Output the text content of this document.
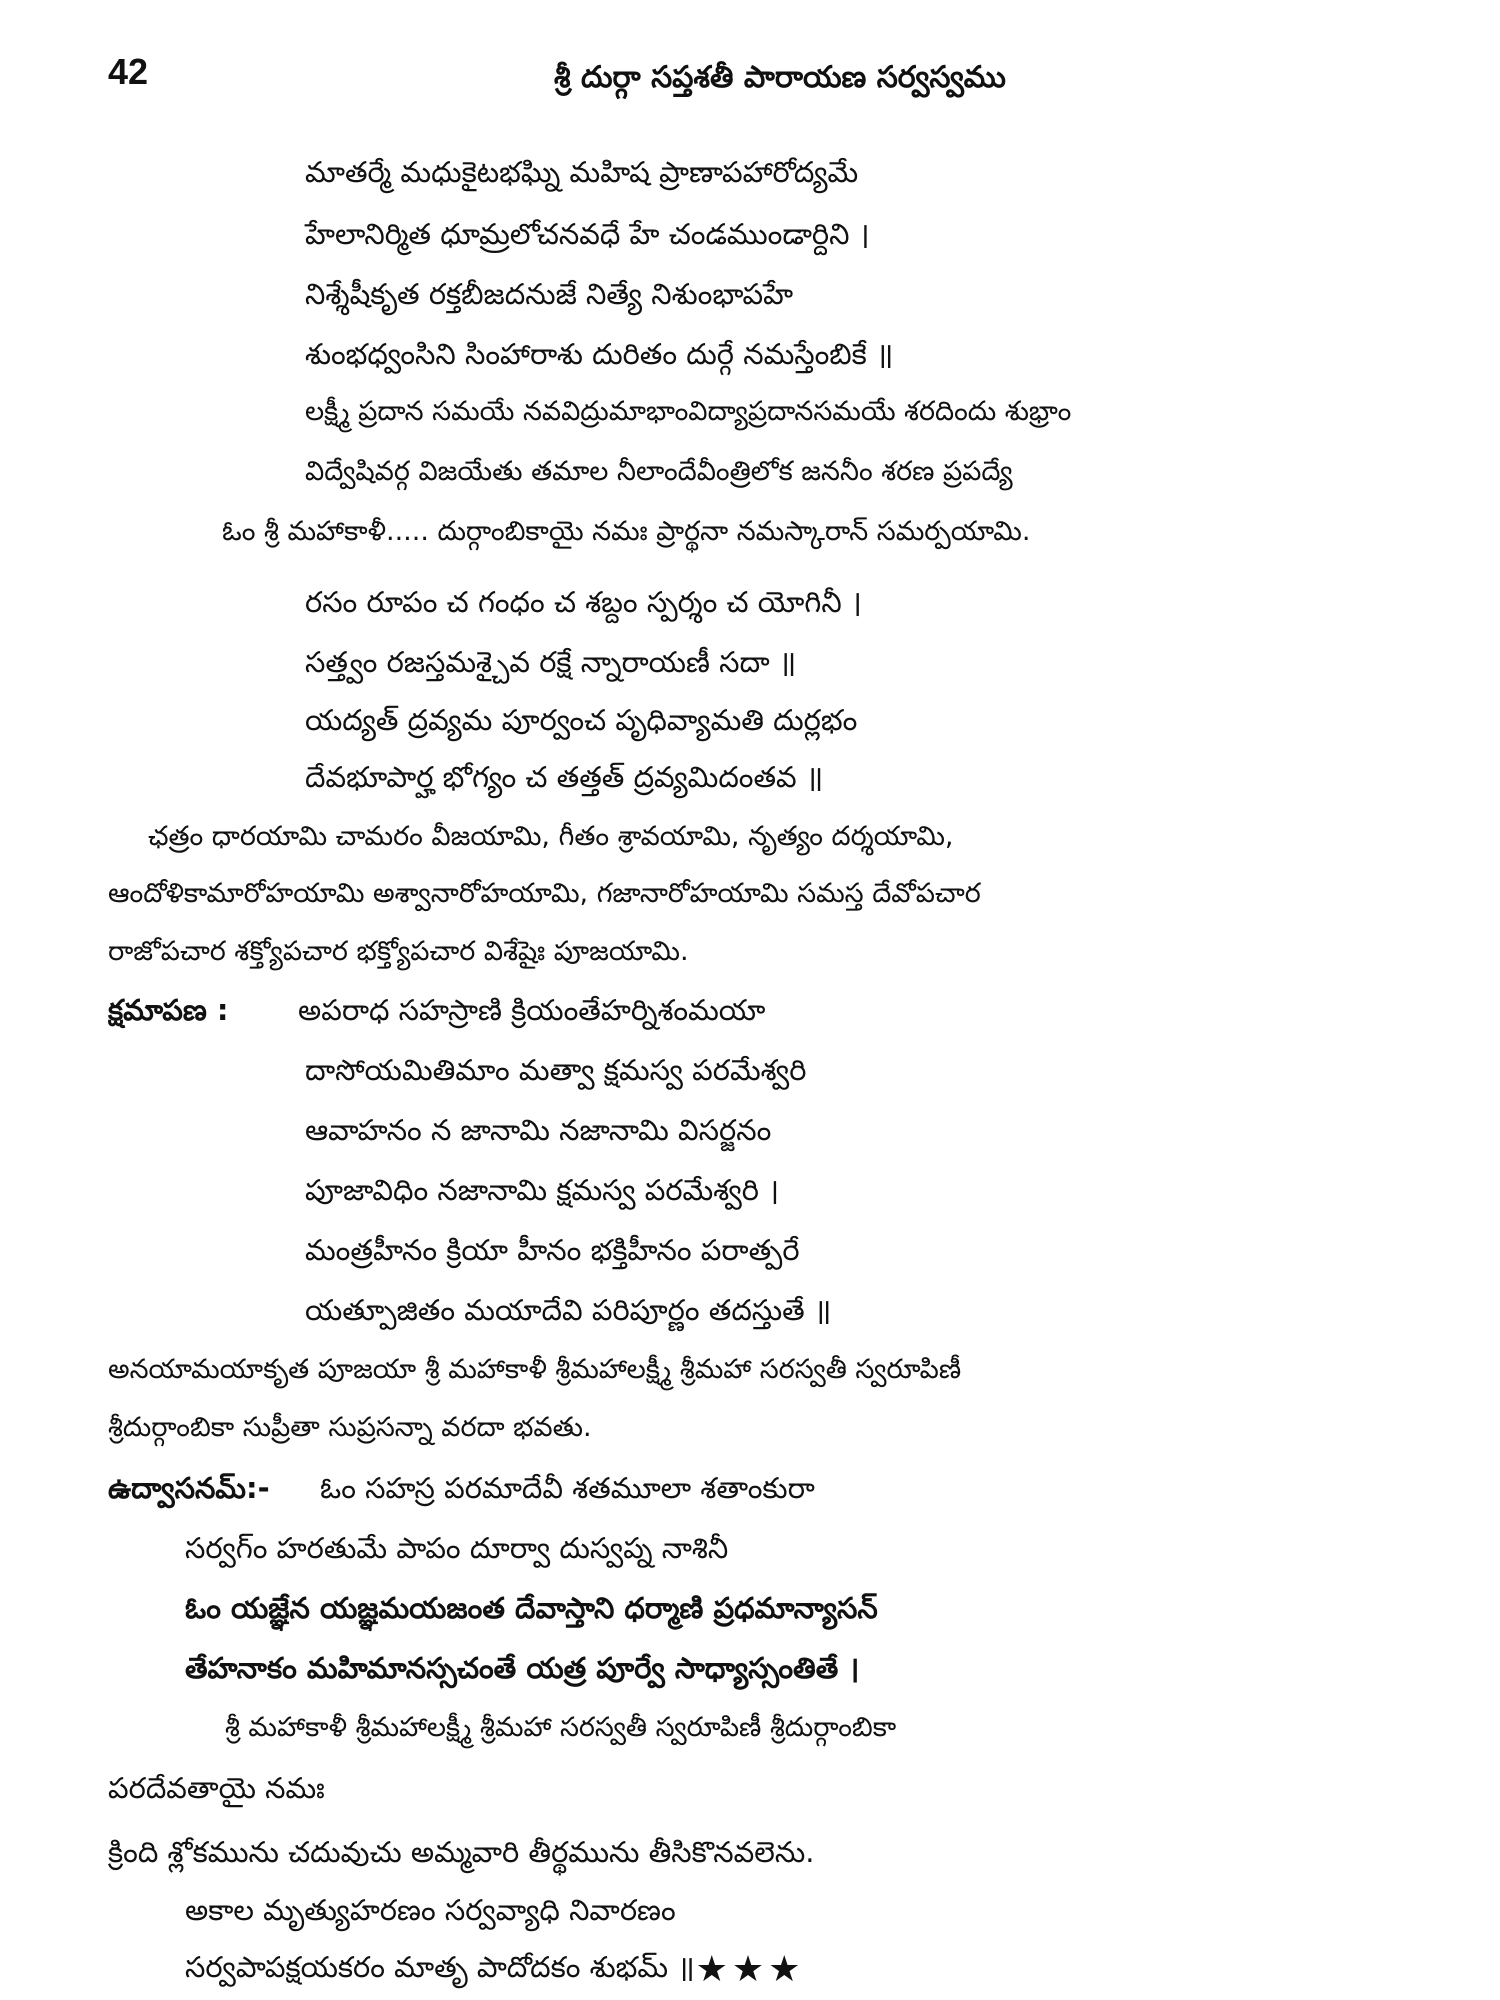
42	శ్రీ దుర్గా సప్తశతీ పారాయణ సర్వస్వము
మాతర్మే మధుకైటభఘ్ని మహిష ప్రాణాపహారోద్యమే
హేలానిర్మిత ధూమ్రలోచనవధే హే చండముండార్దిని ।
నిశ్శేషీకృత రక్తబీజదనుజే నిత్యే నిశుంభాపహే
శుంభధ్వంసిని సింహారాశు దురితం దుర్గే నమస్తేంబికే ॥
లక్ష్మీ ప్రదాన సమయే నవవిద్రుమాభాంవిద్యాప్రదానసమయే శరదిందు శుభ్రాం
విద్వేషివర్గ విజయేతు తమాల నీలాందేవీంత్రిలోక జననీం శరణ ప్రపద్యే
ఓం శ్రీ మహాకాళీ..... దుర్గాంబికాయై నమః ప్రార్థనా నమస్కారాన్ సమర్పయామి.
రసం రూపం చ గంధం చ శబ్దం స్పర్శం చ యోగినీ ।
సత్త్వం రజస్తమశ్చైవ రక్షే న్నారాయణీ సదా ॥
యద్యత్ ద్రవ్యమ పూర్వంచ పృధివ్యామతి దుర్లభం
దేవభూపార్హ భోగ్యం చ తత్తత్ ద్రవ్యమిదంతవ ॥
ఛత్రం ధారయామి చామరం వీజయామి, గీతం శ్రావయామి, నృత్యం దర్శయామి,
ఆందోళికామారోహయామి అశ్వానారోహయామి, గజానారోహయామి సమస్త దేవోపచార
రాజోపచార శక్త్యోపచార భక్త్యోపచార విశేషైః పూజయామి.
క్షమాపణ : అపరాధ సహస్రాణి క్రియంతేహర్నిశంమయా
దాసోయమితిమాం మత్వా క్షమస్వ పరమేశ్వరి
ఆవాహనం న జానామి నజానామి విసర్జనం
పూజావిధిం నజానామి క్షమస్వ పరమేశ్వరి ।
మంత్రహీనం క్రియా హీనం భక్తిహీనం పరాత్పరే
యత్పూజితం మయాదేవి పరిపూర్ణం తదస్తుతే ॥
అనయామయాకృత పూజయా శ్రీ మహాకాళీ శ్రీమహాలక్ష్మీ శ్రీమహా సరస్వతీ స్వరూపిణీ
శ్రీదుర్గాంబికా సుప్రీతా సుప్రసన్నా వరదా భవతు.
ఉద్వాసనమ్:- ఓం సహస్ర పరమాదేవీ శతమూలా శతాంకురా
సర్వగ్ం హరతుమే పాపం దూర్వా దుస్వప్న నాశినీ
ఓం యజ్ఞేన యజ్ఞమయజంత దేవాస్తాని ధర్మాణి ప్రధమాన్యాసన్
తేహనాకం మహిమానస్సచంతే యత్ర పూర్వే సాధ్యాస్సంతితే ।
శ్రీ మహాకాళీ శ్రీమహాలక్ష్మీ శ్రీమహా సరస్వతీ స్వరూపిణీ శ్రీదుర్గాంబికా
పరదేవతాయై నమః
క్రింది శ్లోకమును చదువుచు అమ్మవారి తీర్థమును తీసికొనవలెను.
అకాల మృత్యుహరణం సర్వవ్యాధి నివారణం
సర్వపాపక్షయకరం మాతృ పాదోదకం శుభమ్ ॥ ★★★
